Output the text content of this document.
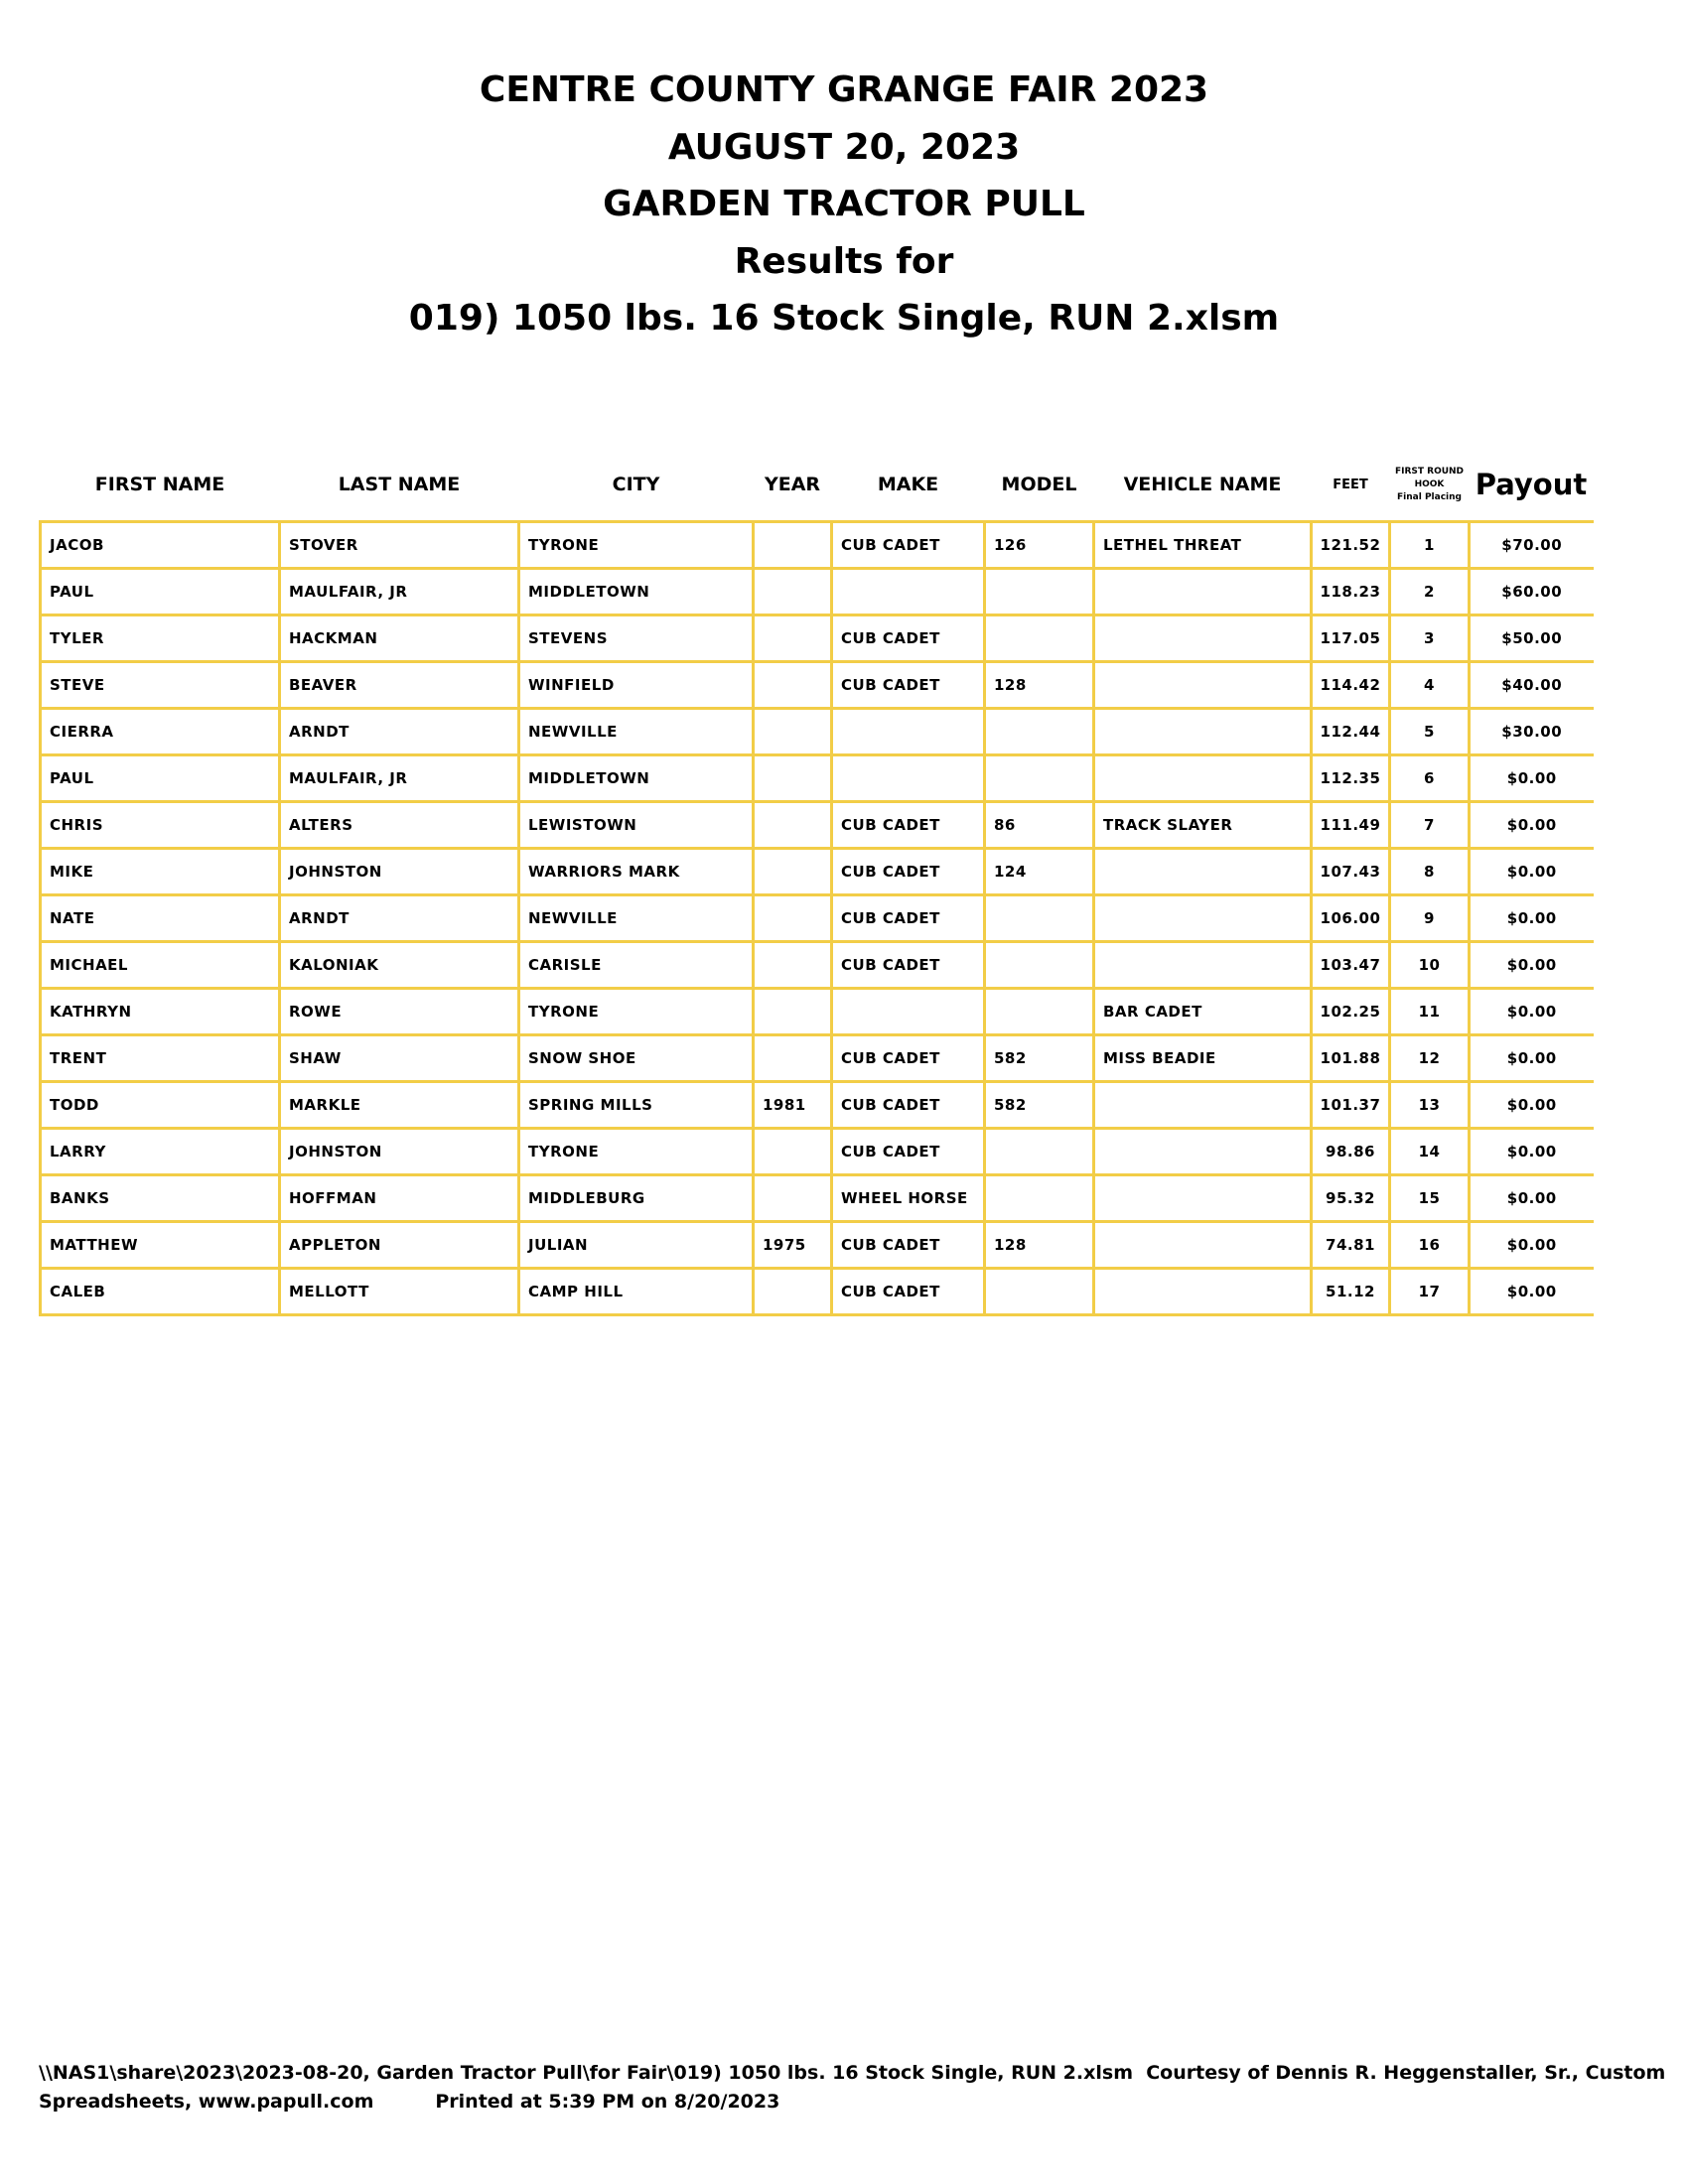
CENTRE COUNTY GRANGE FAIR 2023
AUGUST 20, 2023
GARDEN TRACTOR PULL
Results for
019) 1050 lbs. 16 Stock Single, RUN 2.xlsm
FIRST NAME	LAST NAME	CITY	YEAR	MAKE	MODEL	VEHICLE NAME	FEET	FIRST ROUND
HOOK
Final Placing	Payout
JACOB	STOVER	TYRONE		CUB CADET	126	LETHEL THREAT	121.52	1	$70.00
PAUL	MAULFAIR, JR	MIDDLETOWN					118.23	2	$60.00
TYLER	HACKMAN	STEVENS		CUB CADET			117.05	3	$50.00
STEVE	BEAVER	WINFIELD		CUB CADET	128		114.42	4	$40.00
CIERRA	ARNDT	NEWVILLE					112.44	5	$30.00
PAUL	MAULFAIR, JR	MIDDLETOWN					112.35	6	$0.00
CHRIS	ALTERS	LEWISTOWN		CUB CADET	86	TRACK SLAYER	111.49	7	$0.00
MIKE	JOHNSTON	WARRIORS MARK		CUB CADET	124		107.43	8	$0.00
NATE	ARNDT	NEWVILLE		CUB CADET			106.00	9	$0.00
MICHAEL	KALONIAK	CARISLE		CUB CADET			103.47	10	$0.00
KATHRYN	ROWE	TYRONE				BAR CADET	102.25	11	$0.00
TRENT	SHAW	SNOW SHOE		CUB CADET	582	MISS BEADIE	101.88	12	$0.00
TODD	MARKLE	SPRING MILLS	1981	CUB CADET	582		101.37	13	$0.00
LARRY	JOHNSTON	TYRONE		CUB CADET			98.86	14	$0.00
BANKS	HOFFMAN	MIDDLEBURG		WHEEL HORSE			95.32	15	$0.00
MATTHEW	APPLETON	JULIAN	1975	CUB CADET	128		74.81	16	$0.00
CALEB	MELLOTT	CAMP HILL		CUB CADET			51.12	17	$0.00
\\NAS1\share\2023\2023-08-20, Garden Tractor Pull\for Fair\019) 1050 lbs. 16 Stock Single, RUN 2.xlsm  Courtesy of Dennis R. Heggenstaller, Sr., Custom
Spreadsheets, www.papull.com	Printed at 5:39 PM on 8/20/2023
